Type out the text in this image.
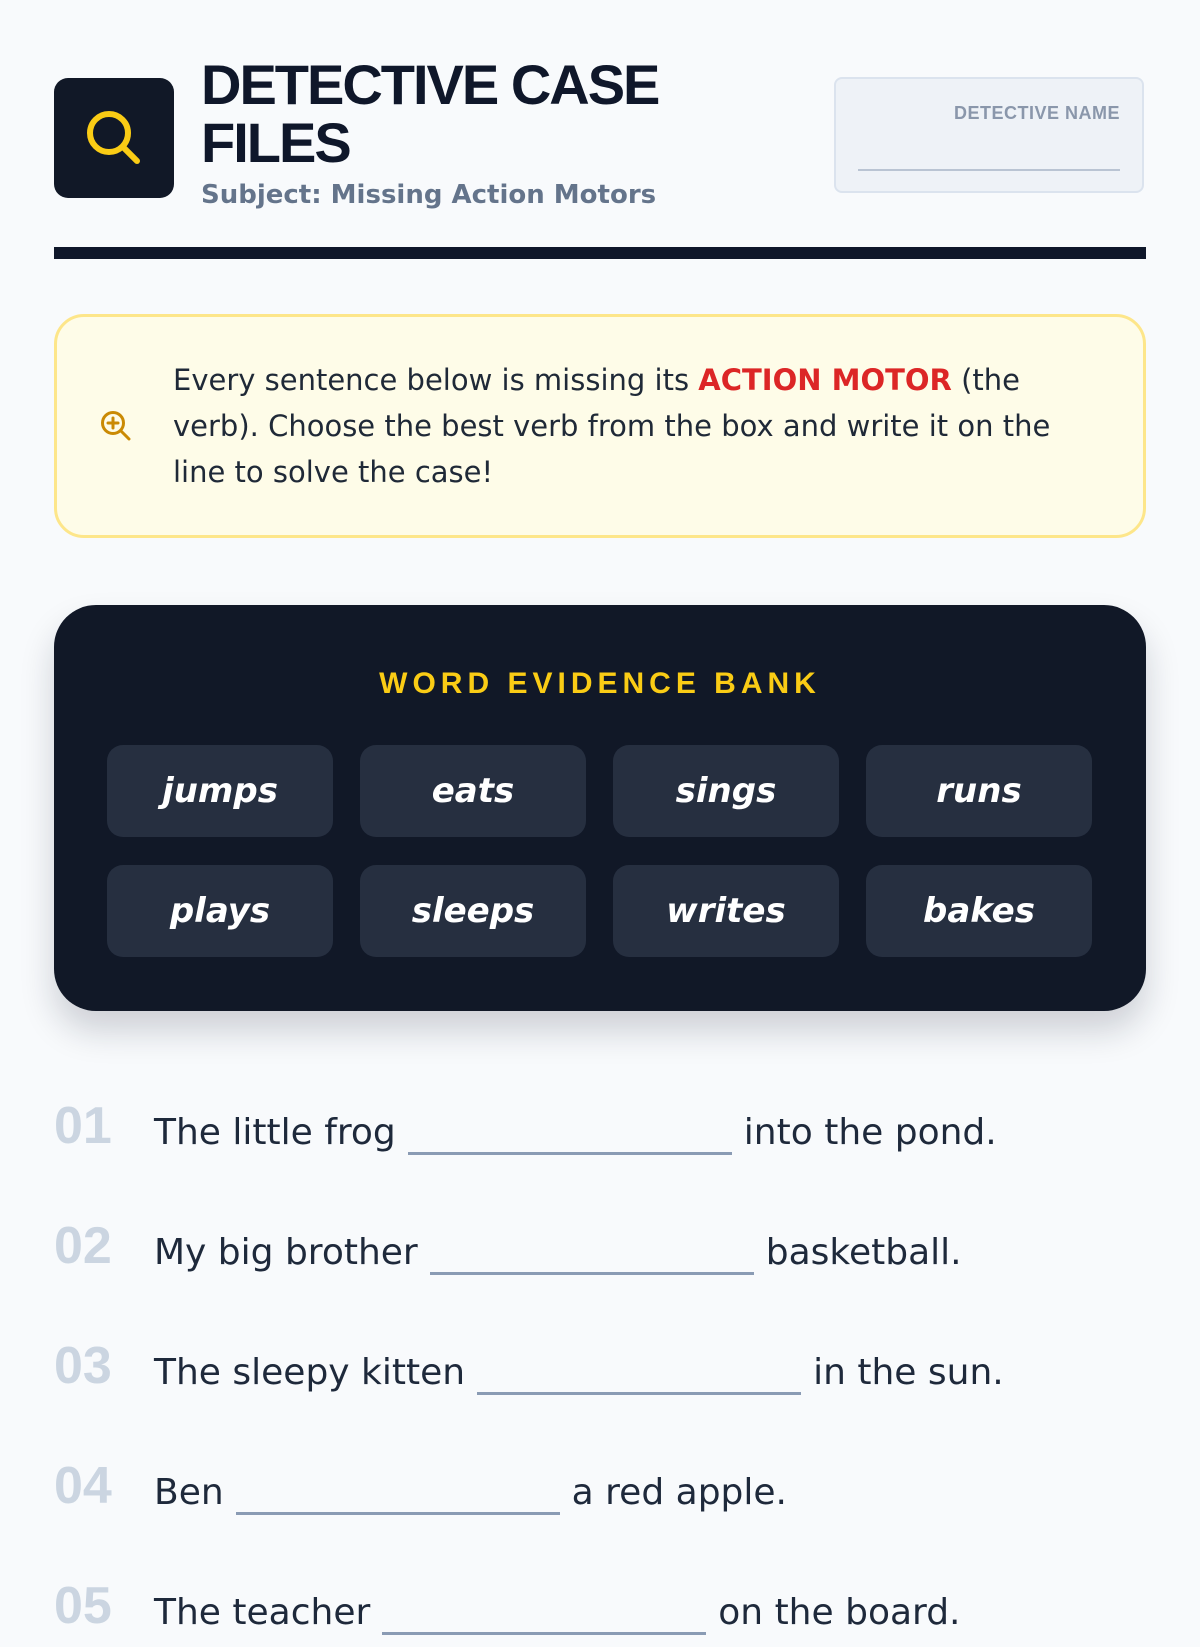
DETECTIVE CASE FILES
Subject: Missing Action Motors
DETECTIVE NAME
Every sentence below is missing its ACTION MOTOR (the verb). Choose the best verb from the box and write it on the line to solve the case!
WORD EVIDENCE BANK
jumps	eats	sings	runs
plays	sleeps	writes	bakes
01	The little frog	into the pond.
02	My big brother	basketball.
03	The sleepy kitten	in the sun.
04	Ben	a red apple.
05	The teacher	on the board.
